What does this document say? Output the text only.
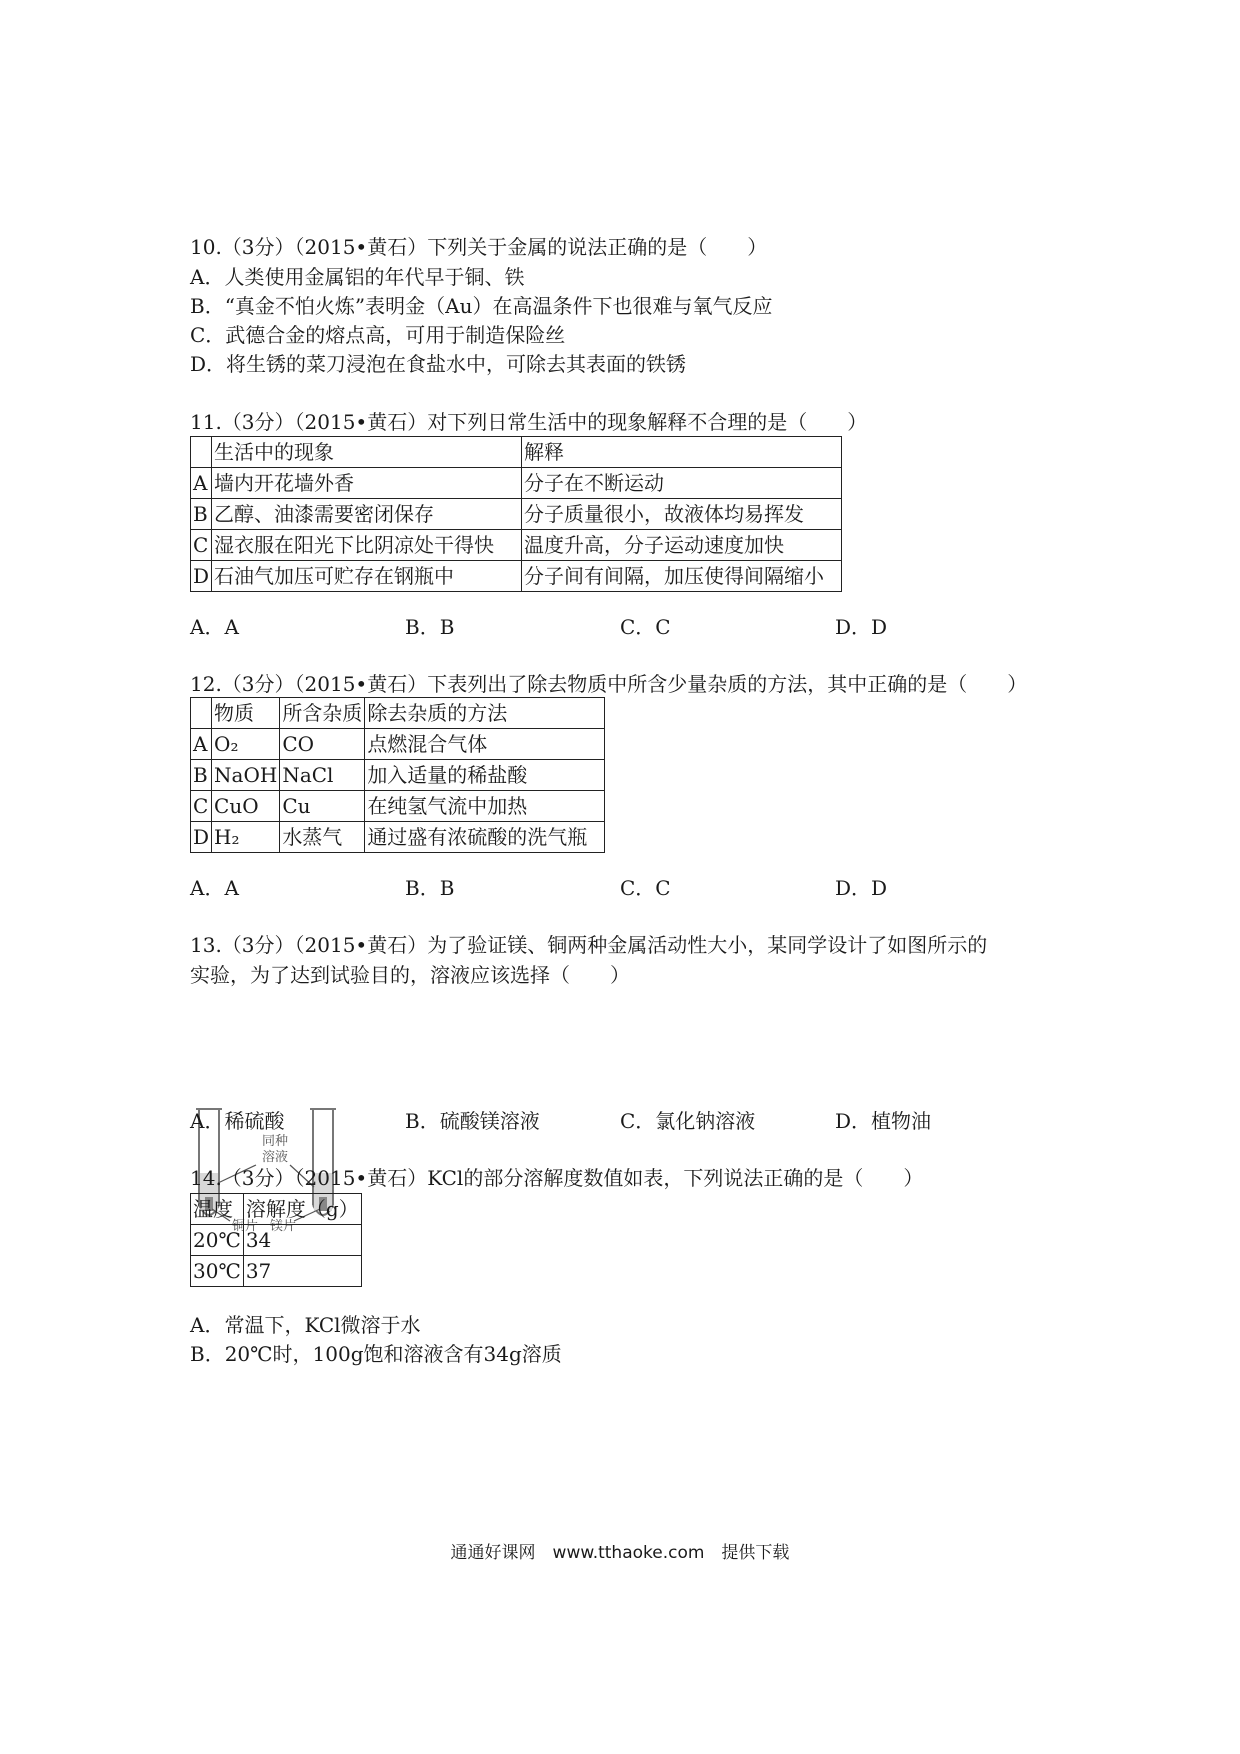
10.（3分）（2015•黄石）下列关于金属的说法正确的是（　　）
A．人类使用金属铝的年代早于铜、铁
B．“真金不怕火炼”表明金（Au）在高温条件下也很难与氧气反应
C．武德合金的熔点高，可用于制造保险丝
D．将生锈的菜刀浸泡在食盐水中，可除去其表面的铁锈
11.（3分）（2015•黄石）对下列日常生活中的现象解释不合理的是（　　）
	生活中的现象	解释
A	墙内开花墙外香	分子在不断运动
B	乙醇、油漆需要密闭保存	分子质量很小，故液体均易挥发
C	湿衣服在阳光下比阴凉处干得快	温度升高，分子运动速度加快
D	石油气加压可贮存在钢瓶中	分子间有间隔，加压使得间隔缩小
A．A	B．B	C．C	D．D
12.（3分）（2015•黄石）下表列出了除去物质中所含少量杂质的方法，其中正确的是（　　）
	物质	所含杂质	除去杂质的方法
A	O₂	CO	点燃混合气体
B	NaOH	NaCl	加入适量的稀盐酸
C	CuO	Cu	在纯氢气流中加热
D	H₂	水蒸气	通过盛有浓硫酸的洗气瓶
A．A	B．B	C．C	D．D
13.（3分）（2015•黄石）为了验证镁、铜两种金属活动性大小，某同学设计了如图所示的
实验，为了达到试验目的，溶液应该选择（　　）
同种
溶液
铜片 镁片
A．稀硫酸	B．硫酸镁溶液	C．氯化钠溶液	D．植物油
14.（3分）（2015•黄石）KCl的部分溶解度数值如表，下列说法正确的是（　　）
温度	溶解度（g）
20℃	34
30℃	37
A．常温下，KCl微溶于水
B．20℃时，100g饱和溶液含有34g溶质
通通好课网　www.tthaoke.com　提供下载
